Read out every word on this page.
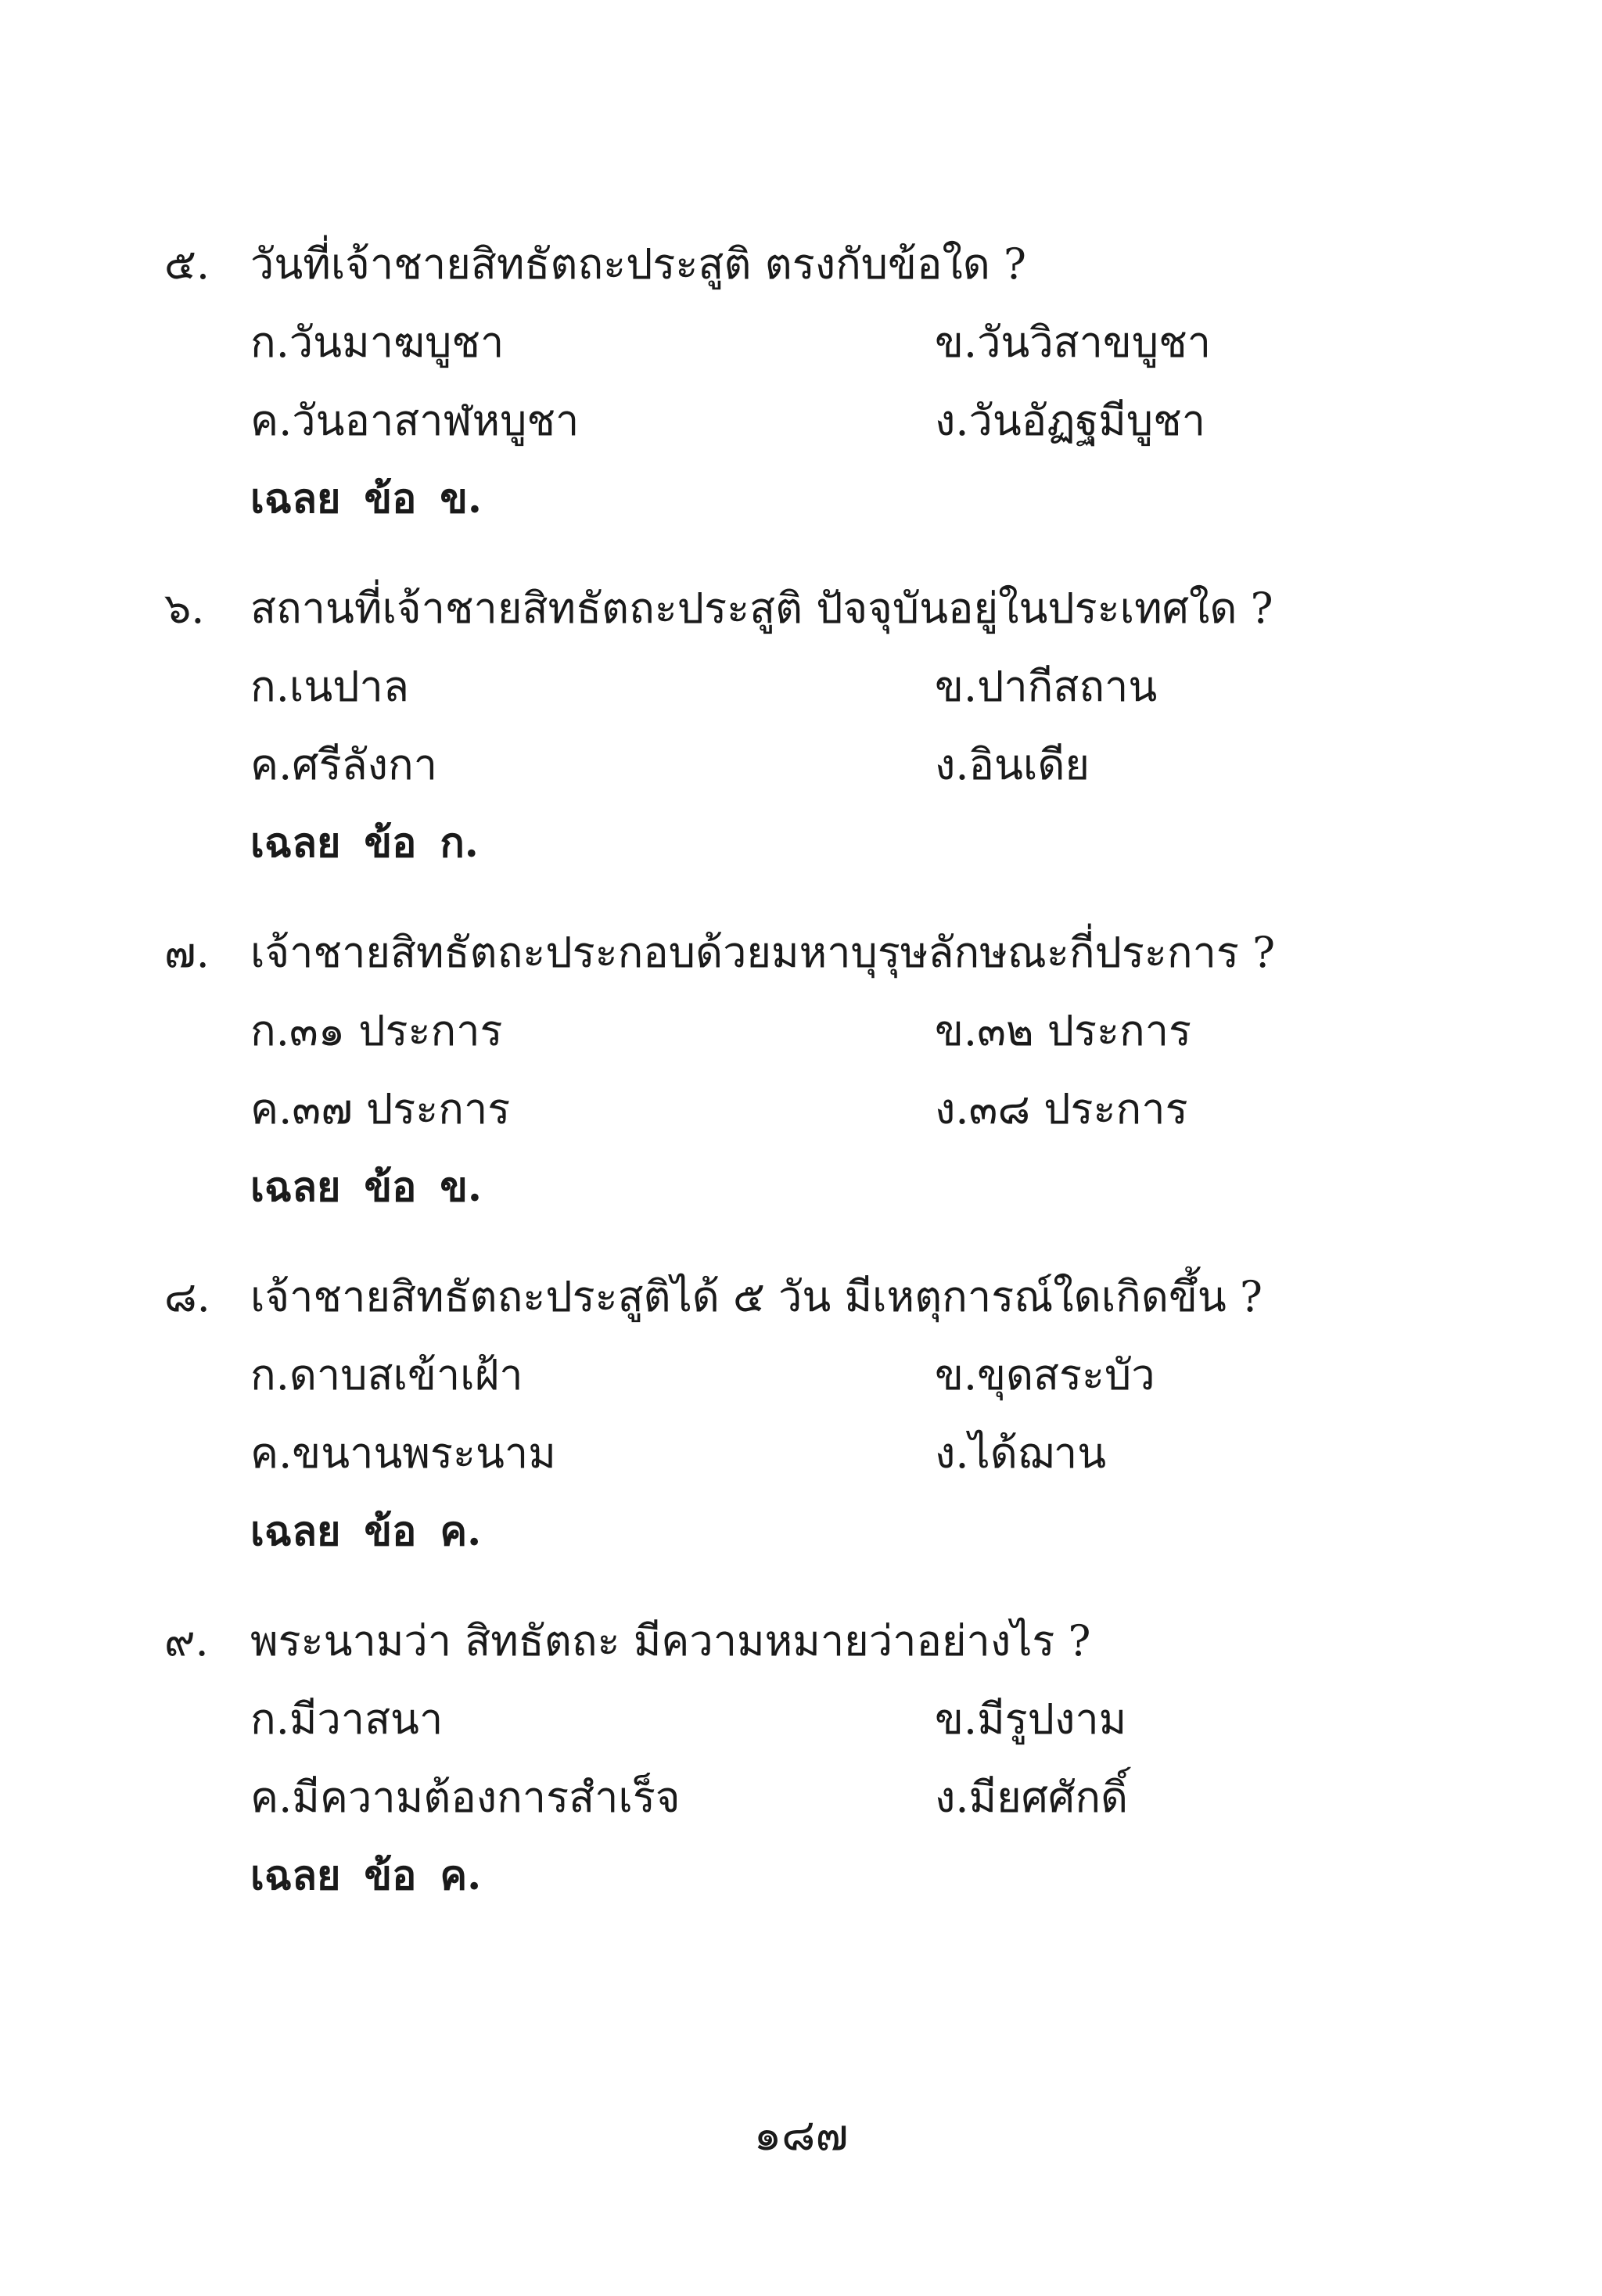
๕. วันที่เจ้าชายสิทธัตถะประสูติ ตรงกับข้อใด ?
ก.วันมาฆบูชา	ข.วันวิสาขบูชา
ค.วันอาสาฬหบูชา	ง.วันอัฏฐมีบูชา
เฉลย ข้อ ข.
๖. สถานที่เจ้าชายสิทธัตถะประสูติ ปัจจุบันอยู่ในประเทศใด ?
ก.เนปาล	ข.ปากีสถาน
ค.ศรีลังกา	ง.อินเดีย
เฉลย ข้อ ก.
๗. เจ้าชายสิทธัตถะประกอบด้วยมหาบุรุษลักษณะกี่ประการ ?
ก.๓๑ ประการ	ข.๓๒ ประการ
ค.๓๗ ประการ	ง.๓๘ ประการ
เฉลย ข้อ ข.
๘. เจ้าชายสิทธัตถะประสูติได้ ๕ วัน มีเหตุการณ์ใดเกิดขึ้น ?
ก.ดาบสเข้าเฝ้า	ข.ขุดสระบัว
ค.ขนานพระนาม	ง.ได้ฌาน
เฉลย ข้อ ค.
๙. พระนามว่า สิทธัตถะ มีความหมายว่าอย่างไร ?
ก.มีวาสนา	ข.มีรูปงาม
ค.มีความต้องการสำเร็จ	ง.มียศศักดิ์
เฉลย ข้อ ค.
๑๘๗
